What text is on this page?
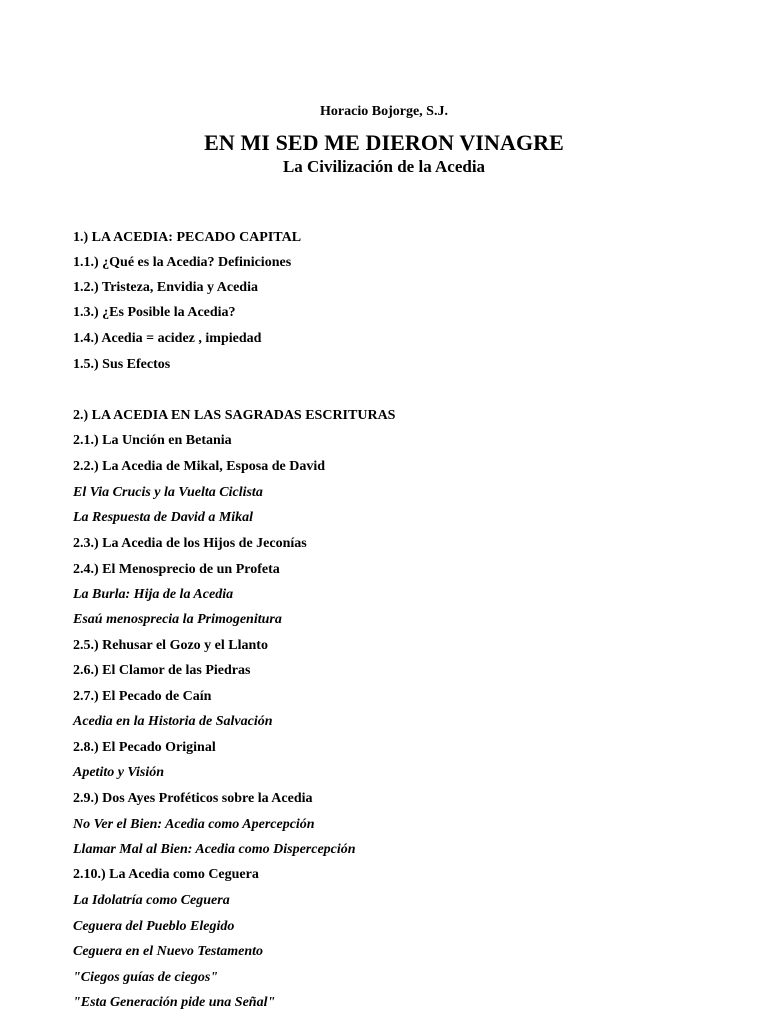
Horacio Bojorge, S.J.
EN MI SED ME DIERON VINAGRE
La Civilización de la Acedia
1.) LA ACEDIA: PECADO CAPITAL
1.1.) ¿Qué es la Acedia? Definiciones
1.2.) Tristeza, Envidia y Acedia
1.3.) ¿Es Posible la Acedia?
1.4.) Acedia = acidez , impiedad
1.5.) Sus Efectos
2.) LA ACEDIA EN LAS SAGRADAS ESCRITURAS
2.1.) La Unción en Betania
2.2.) La Acedia de Mikal, Esposa de David
El Via Crucis y la Vuelta Ciclista
La Respuesta de David a Mikal
2.3.) La Acedia de los Hijos de Jeconías
2.4.) El Menosprecio de un Profeta
La Burla: Hija de la Acedia
Esaú menosprecia la Primogenitura
2.5.) Rehusar el Gozo y el Llanto
2.6.) El Clamor de las Piedras
2.7.) El Pecado de Caín
Acedia en la Historia de Salvación
2.8.) El Pecado Original
Apetito y Visión
2.9.) Dos Ayes Proféticos sobre la Acedia
No Ver el Bien: Acedia como Apercepción
Llamar Mal al Bien: Acedia como Dispercepción
2.10.) La Acedia como Ceguera
La Idolatría como Ceguera
Ceguera del Pueblo Elegido
Ceguera en el Nuevo Testamento
"Ciegos guías de ciegos"
"Esta Generación pide una Señal"
